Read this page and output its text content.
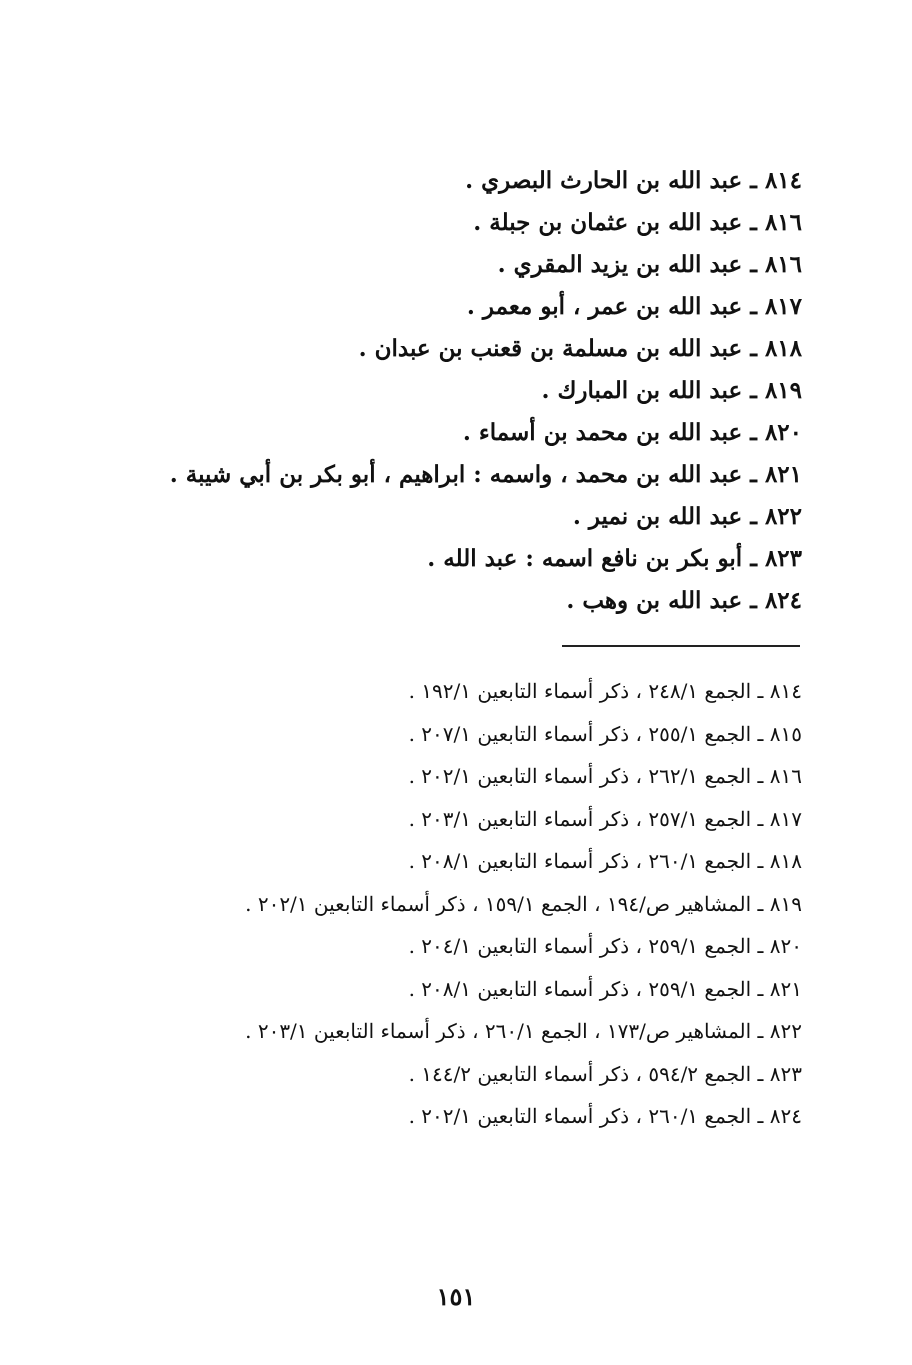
٨١٤ ـ عبد الله بن الحارث البصري .
٨١٦ ـ عبد الله بن عثمان بن جبلة .
٨١٦ ـ عبد الله بن يزيد المقري .
٨١٧ ـ عبد الله بن عمر ، أبو معمر .
٨١٨ ـ عبد الله بن مسلمة بن قعنب بن عبدان .
٨١٩ ـ عبد الله بن المبارك .
٨٢٠ ـ عبد الله بن محمد بن أسماء .
٨٢١ ـ عبد الله بن محمد ، واسمه : ابراهيم ، أبو بكر بن أبي شيبة .
٨٢٢ ـ عبد الله بن نمير .
٨٢٣ ـ أبو بكر بن نافع اسمه : عبد الله .
٨٢٤ ـ عبد الله بن وهب .
٨١٤ ـ الجمع ٢٤٨/١ ، ذكر أسماء التابعين ١٩٢/١ .
٨١٥ ـ الجمع ٢٥٥/١ ، ذكر أسماء التابعين ٢٠٧/١ .
٨١٦ ـ الجمع ٢٦٢/١ ، ذكر أسماء التابعين ٢٠٢/١ .
٨١٧ ـ الجمع ٢٥٧/١ ، ذكر أسماء التابعين ٢٠٣/١ .
٨١٨ ـ الجمع ٢٦٠/١ ، ذكر أسماء التابعين ٢٠٨/١ .
٨١٩ ـ المشاهير ص/١٩٤ ، الجمع ١٥٩/١ ، ذكر أسماء التابعين ٢٠٢/١ .
٨٢٠ ـ الجمع ٢٥٩/١ ، ذكر أسماء التابعين ٢٠٤/١ .
٨٢١ ـ الجمع ٢٥٩/١ ، ذكر أسماء التابعين ٢٠٨/١ .
٨٢٢ ـ المشاهير ص/١٧٣ ، الجمع ٢٦٠/١ ، ذكر أسماء التابعين ٢٠٣/١ .
٨٢٣ ـ الجمع ٥٩٤/٢ ، ذكر أسماء التابعين ١٤٤/٢ .
٨٢٤ ـ الجمع ٢٦٠/١ ، ذكر أسماء التابعين ٢٠٢/١ .
١٥١
